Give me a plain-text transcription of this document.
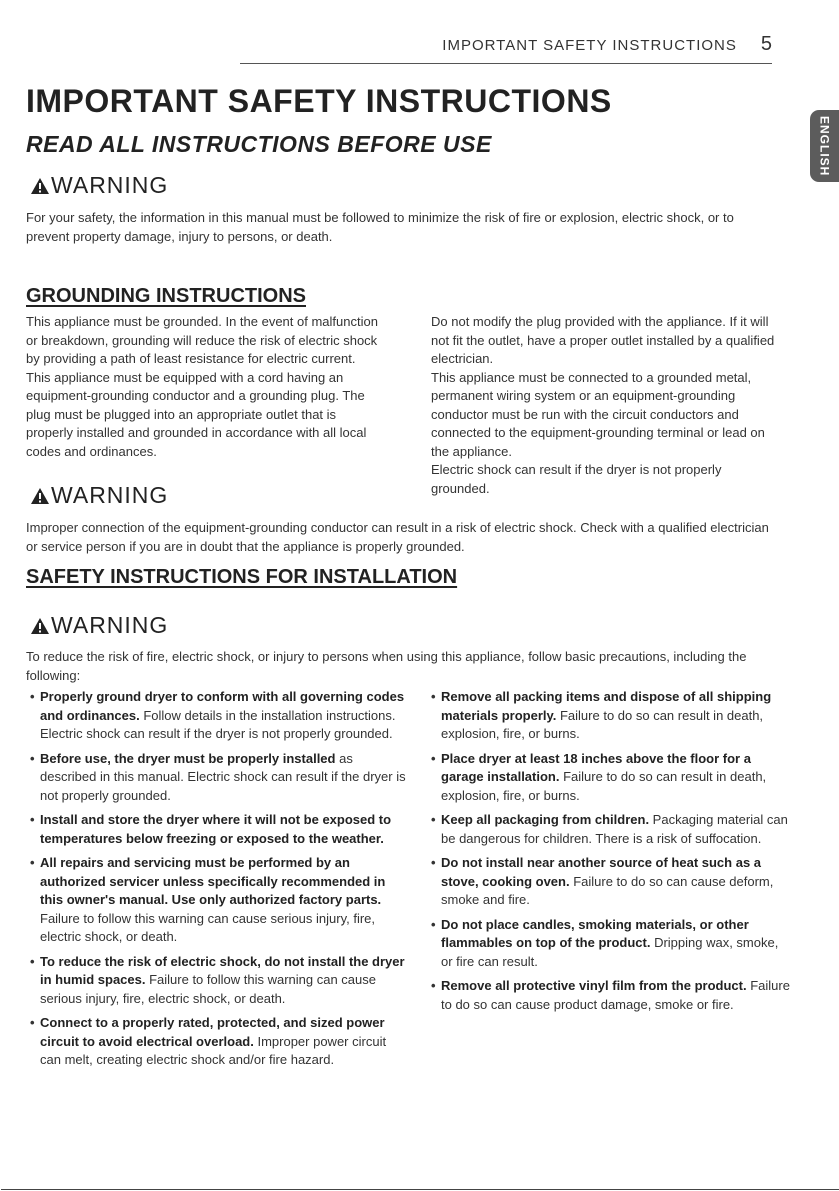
IMPORTANT SAFETY INSTRUCTIONS 5
ENGLISH
IMPORTANT SAFETY INSTRUCTIONS
READ ALL INSTRUCTIONS BEFORE USE
WARNING

For your safety, the information in this manual must be followed to minimize the risk of fire or explosion, electric shock, or to prevent property damage, injury to persons, or death.

GROUNDING INSTRUCTIONS

This appliance must be grounded. In the event of malfunction or breakdown, grounding will reduce the risk of electric shock by providing a path of least resistance for electric current. This appliance must be equipped with a cord having an equipment-grounding conductor and a grounding plug. The plug must be plugged into an appropriate outlet that is properly installed and grounded in accordance with all local codes and ordinances.

Do not modify the plug provided with the appliance. If it will not fit the outlet, have a proper outlet installed by a qualified electrician.

This appliance must be connected to a grounded metal, permanent wiring system or an equipment-grounding conductor must be run with the circuit conductors and connected to the equipment-grounding terminal or lead on the appliance.

Electric shock can result if the dryer is not properly grounded.

WARNING

Improper connection of the equipment-grounding conductor can result in a risk of electric shock. Check with a qualified electrician or service person if you are in doubt that the appliance is properly grounded.

SAFETY INSTRUCTIONS FOR INSTALLATION
WARNING

To reduce the risk of fire, electric shock, or injury to persons when using this appliance, follow basic precautions, including the following:

• Properly ground dryer to conform with all governing codes and ordinances. Follow details in the installation instructions. Electric shock can result if the dryer is not properly grounded.
• Before use, the dryer must be properly installed as described in this manual. Electric shock can result if the dryer is not properly grounded.
• Install and store the dryer where it will not be exposed to temperatures below freezing or exposed to the weather.
• All repairs and servicing must be performed by an authorized servicer unless specifically recommended in this owner's manual. Use only authorized factory parts. Failure to follow this warning can cause serious injury, fire, electric shock, or death.
• To reduce the risk of electric shock, do not install the dryer in humid spaces. Failure to follow this warning can cause serious injury, fire, electric shock, or death.
• Connect to a properly rated, protected, and sized power circuit to avoid electrical overload. Improper power circuit can melt, creating electric shock and/or fire hazard.
• Remove all packing items and dispose of all shipping materials properly. Failure to do so can result in death, explosion, fire, or burns.
• Place dryer at least 18 inches above the floor for a garage installation. Failure to do so can result in death, explosion, fire, or burns.
• Keep all packaging from children. Packaging material can be dangerous for children. There is a risk of suffocation.
• Do not install near another source of heat such as a stove, cooking oven. Failure to do so can cause deform, smoke and fire.
• Do not place candles, smoking materials, or other flammables on top of the product. Dripping wax, smoke, or fire can result.
• Remove all protective vinyl film from the product. Failure to do so can cause product damage, smoke or fire.
